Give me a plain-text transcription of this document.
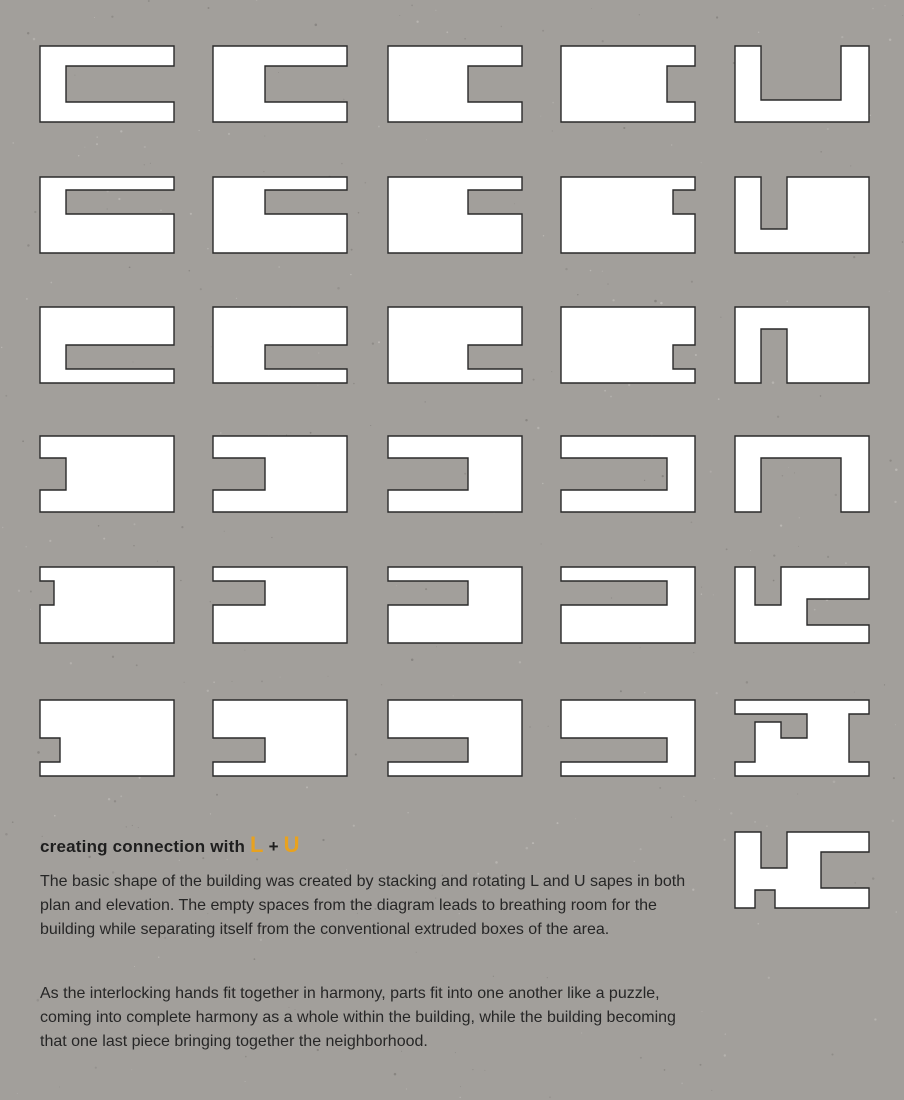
creating connection with L + U

The basic shape of the building was created by stacking and rotating L and U sapes in both plan and elevation. The empty spaces from the diagram leads to breathing room for the building while separating itself from the conventional extruded boxes of the area.

As the interlocking hands fit together in harmony, parts fit into one another like a puzzle, coming into complete harmony as a whole within the building, while the building becoming that one last piece bringing together the neighborhood.
